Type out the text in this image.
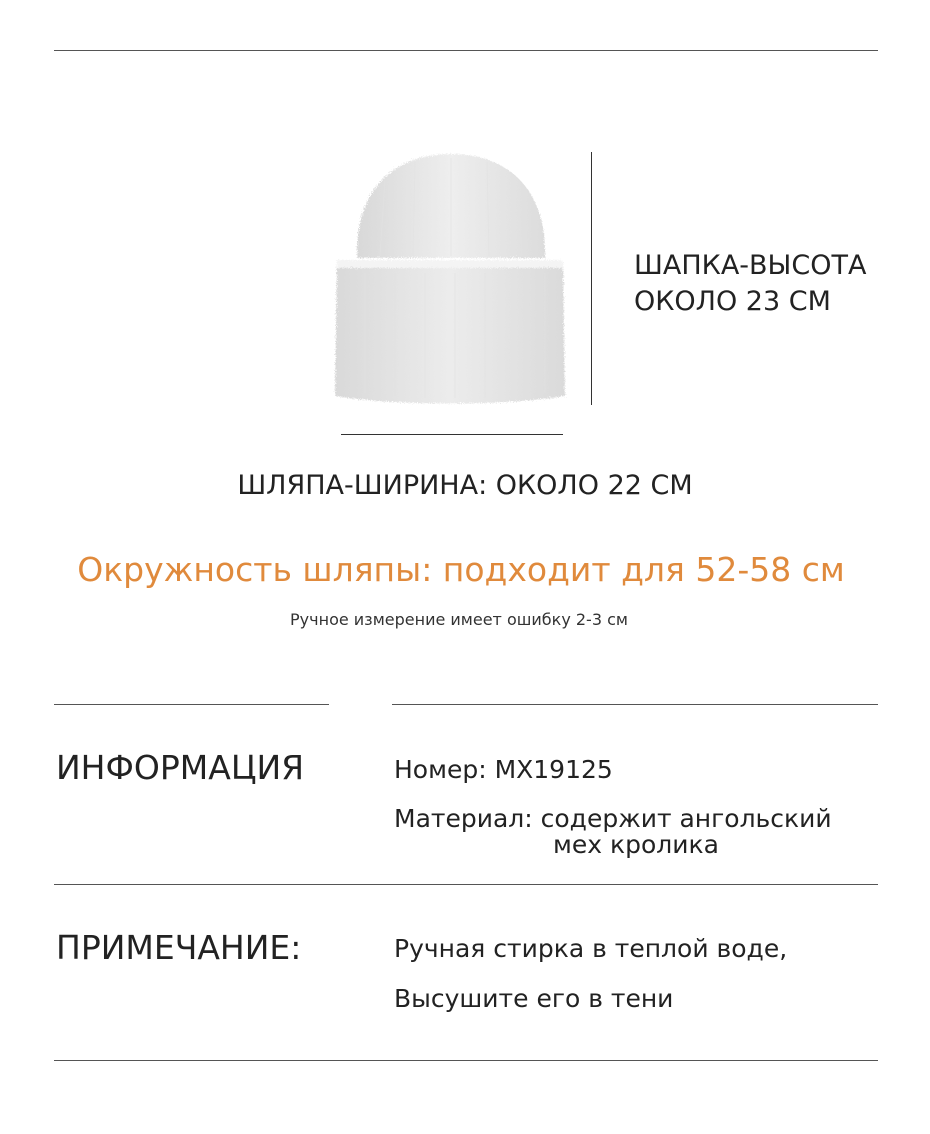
ШАПКА-ВЫСОТА
ОКОЛО 23 СМ
ШЛЯПА-ШИРИНА: ОКОЛО 22 СМ
Окружность шляпы: подходит для 52-58 см
Ручное измерение имеет ошибку 2-3 см
ИНФОРМАЦИЯ	Номер: MX19125
Материал: содержит ангольский
мех кролика
ПРИМЕЧАНИЕ:	Ручная стирка в теплой воде,
Высушите его в тени
